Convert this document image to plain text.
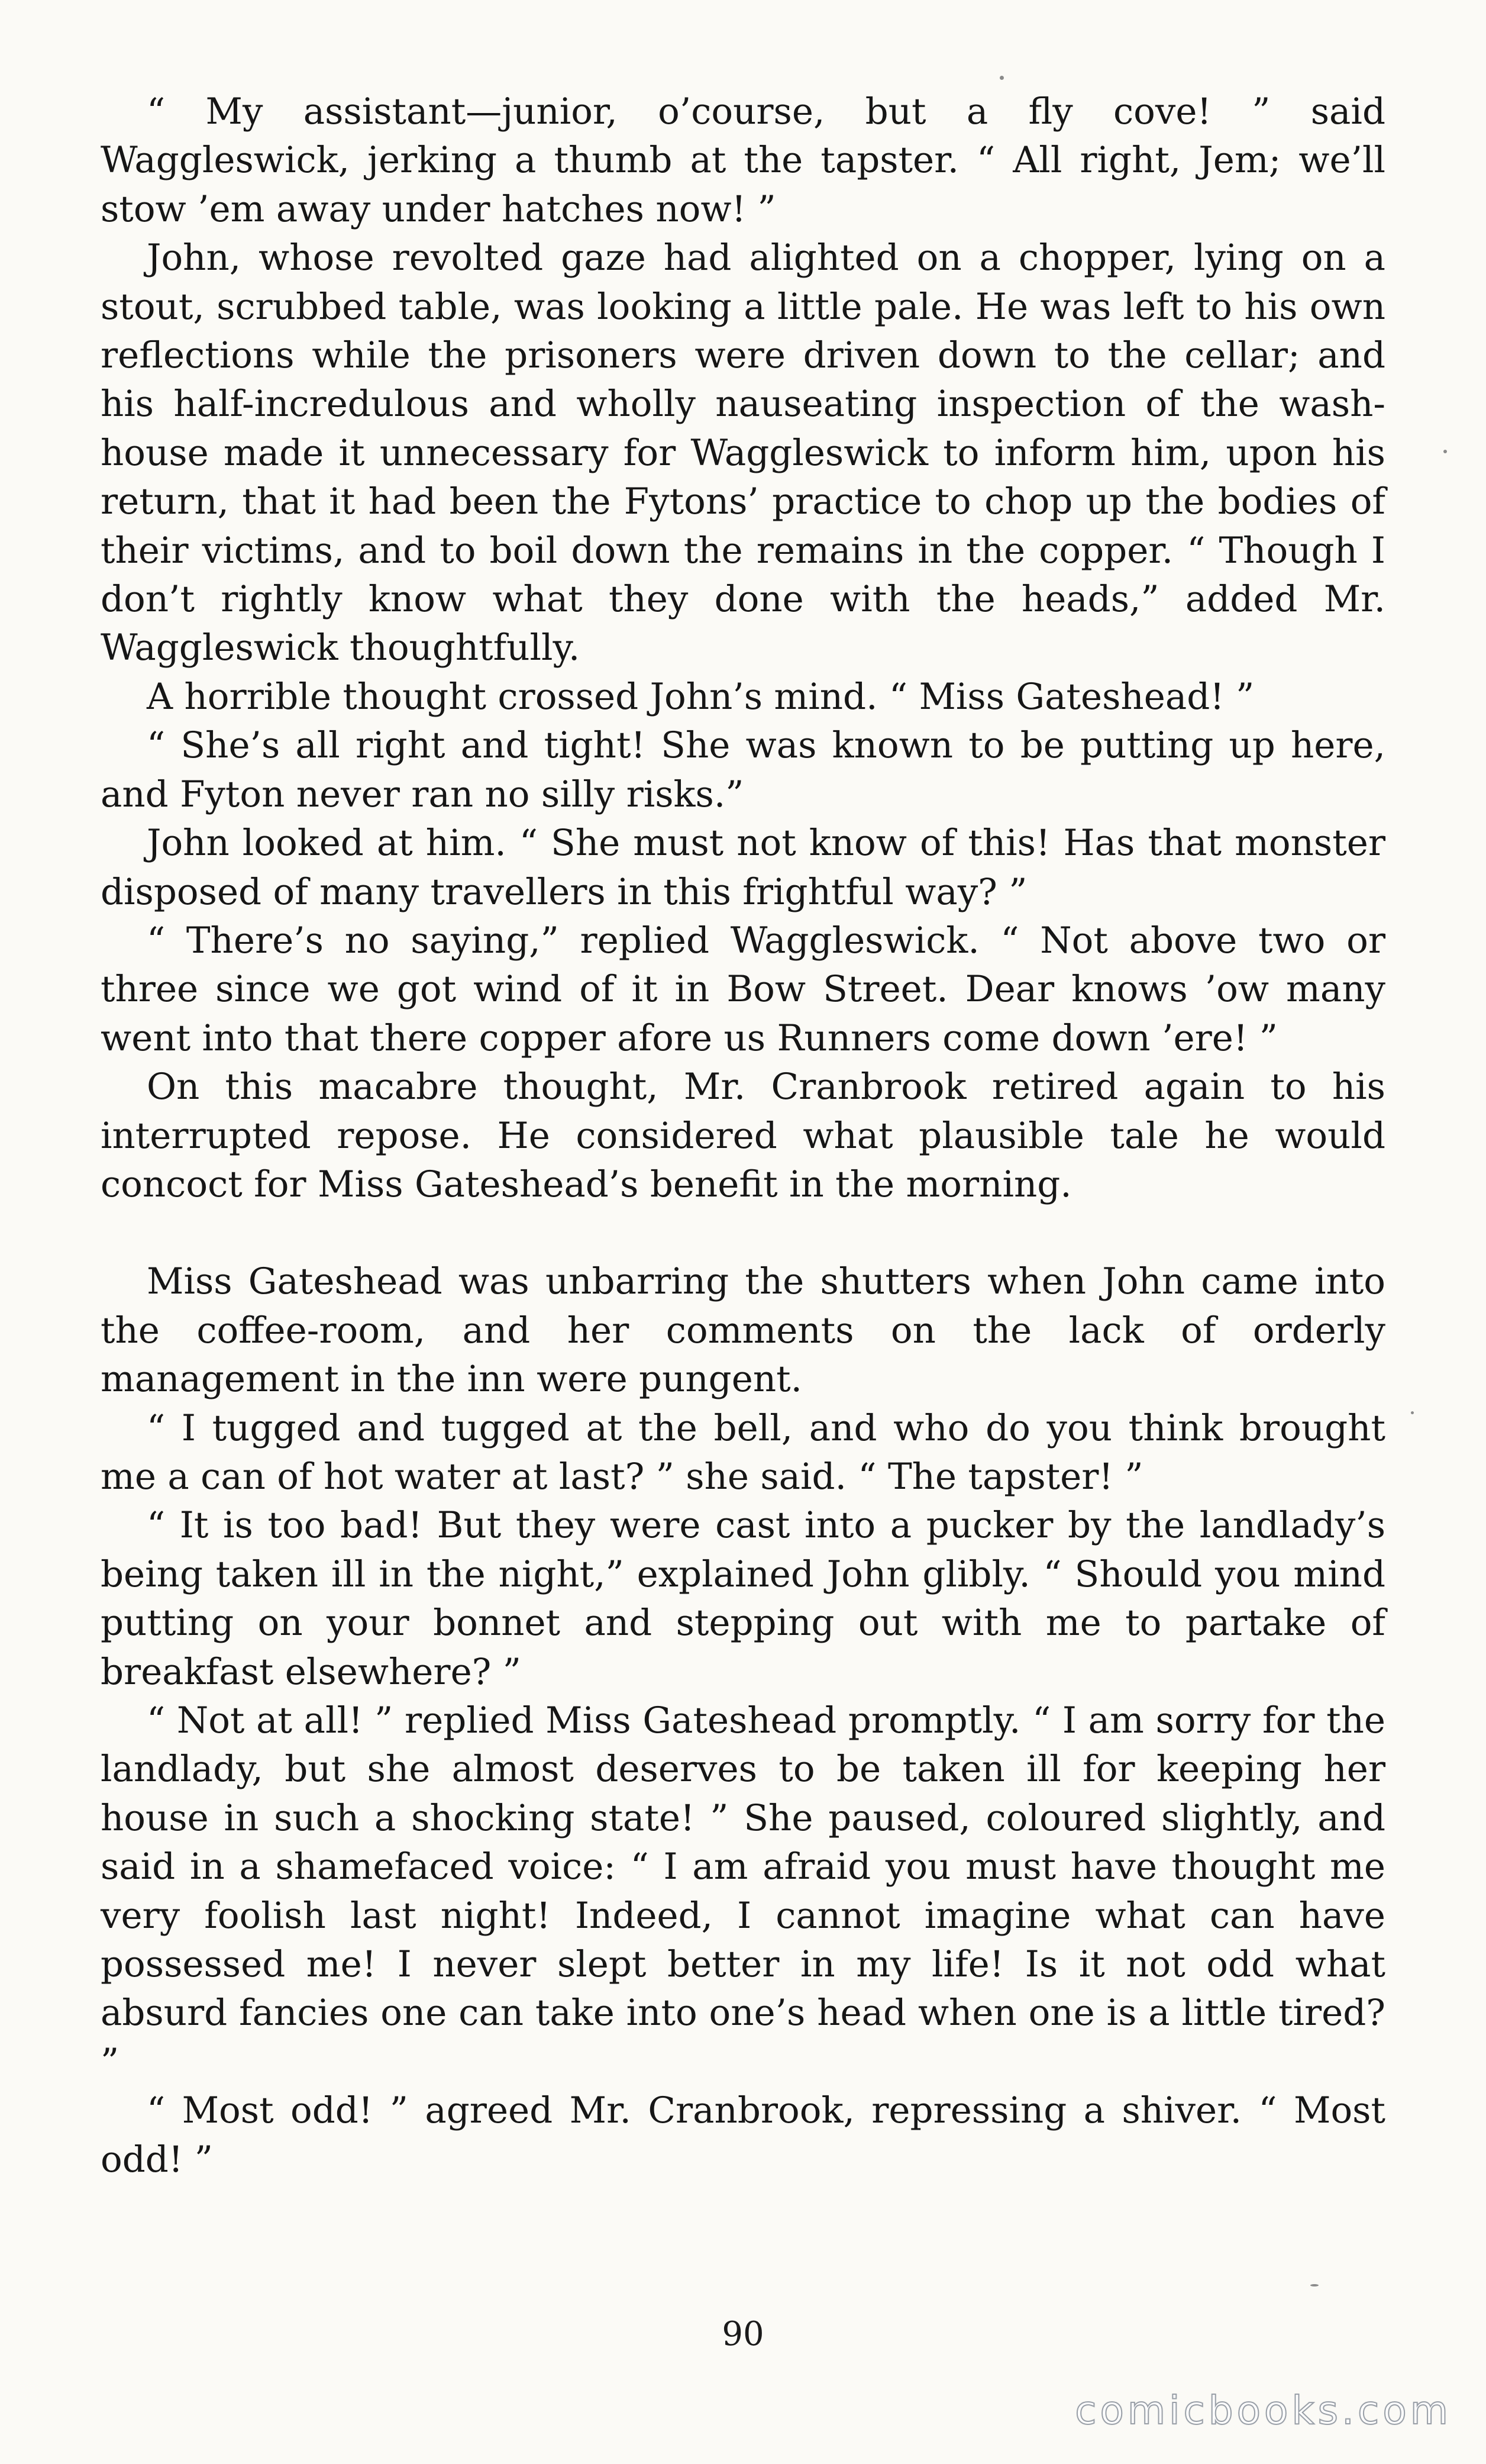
“ My assistant—junior, o’course, but a fly cove! ” said Waggleswick, jerking a thumb at the tapster. “ All right, Jem; we’ll stow ’em away under hatches now! ”

John, whose revolted gaze had alighted on a chopper, lying on a stout, scrubbed table, was looking a little pale. He was left to his own reflections while the prisoners were driven down to the cellar; and his half-incredulous and wholly nauseating inspection of the wash-house made it unnecessary for Waggleswick to inform him, upon his return, that it had been the Fytons’ practice to chop up the bodies of their victims, and to boil down the remains in the copper. “ Though I don’t rightly know what they done with the heads,” added Mr. Waggleswick thoughtfully.

A horrible thought crossed John’s mind. “ Miss Gateshead! ”

“ She’s all right and tight! She was known to be putting up here, and Fyton never ran no silly risks.”

John looked at him. “ She must not know of this! Has that monster disposed of many travellers in this frightful way? ”

“ There’s no saying,” replied Waggleswick. “ Not above two or three since we got wind of it in Bow Street. Dear knows ’ow many went into that there copper afore us Runners come down ’ere! ”

On this macabre thought, Mr. Cranbrook retired again to his interrupted repose. He considered what plausible tale he would concoct for Miss Gateshead’s benefit in the morning.

Miss Gateshead was unbarring the shutters when John came into the coffee-room, and her comments on the lack of orderly management in the inn were pungent.

“ I tugged and tugged at the bell, and who do you think brought me a can of hot water at last? ” she said. “ The tapster! ”

“ It is too bad! But they were cast into a pucker by the landlady’s being taken ill in the night,” explained John glibly. “ Should you mind putting on your bonnet and stepping out with me to partake of breakfast elsewhere? ”

“ Not at all! ” replied Miss Gateshead promptly. “ I am sorry for the landlady, but she almost deserves to be taken ill for keeping her house in such a shocking state! ” She paused, coloured slightly, and said in a shamefaced voice: “ I am afraid you must have thought me very foolish last night! Indeed, I cannot imagine what can have possessed me! I never slept better in my life! Is it not odd what absurd fancies one can take into one’s head when one is a little tired? ”

“ Most odd! ” agreed Mr. Cranbrook, repressing a shiver. “ Most odd! ”

90
comicbooks.com
